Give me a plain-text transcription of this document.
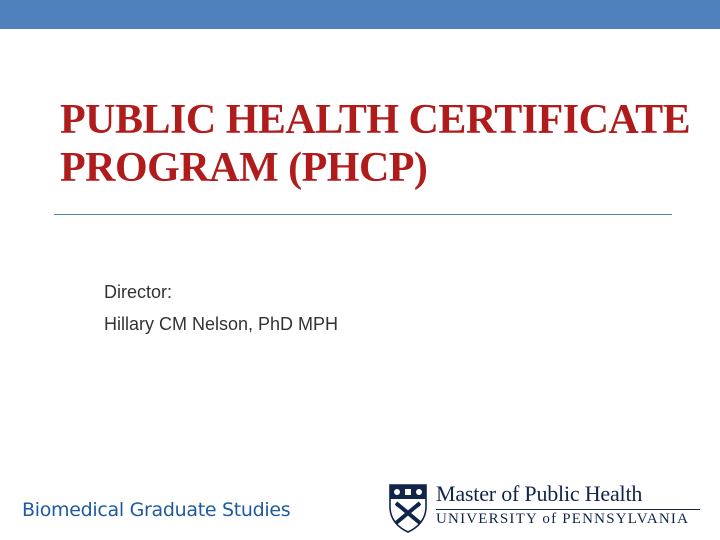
PUBLIC HEALTH CERTIFICATE
PROGRAM (PHCP)
Director:
Hillary CM Nelson, PhD MPH
Biomedical Graduate Studies
Master of Public Health
UNIVERSITY of PENNSYLVANIA
